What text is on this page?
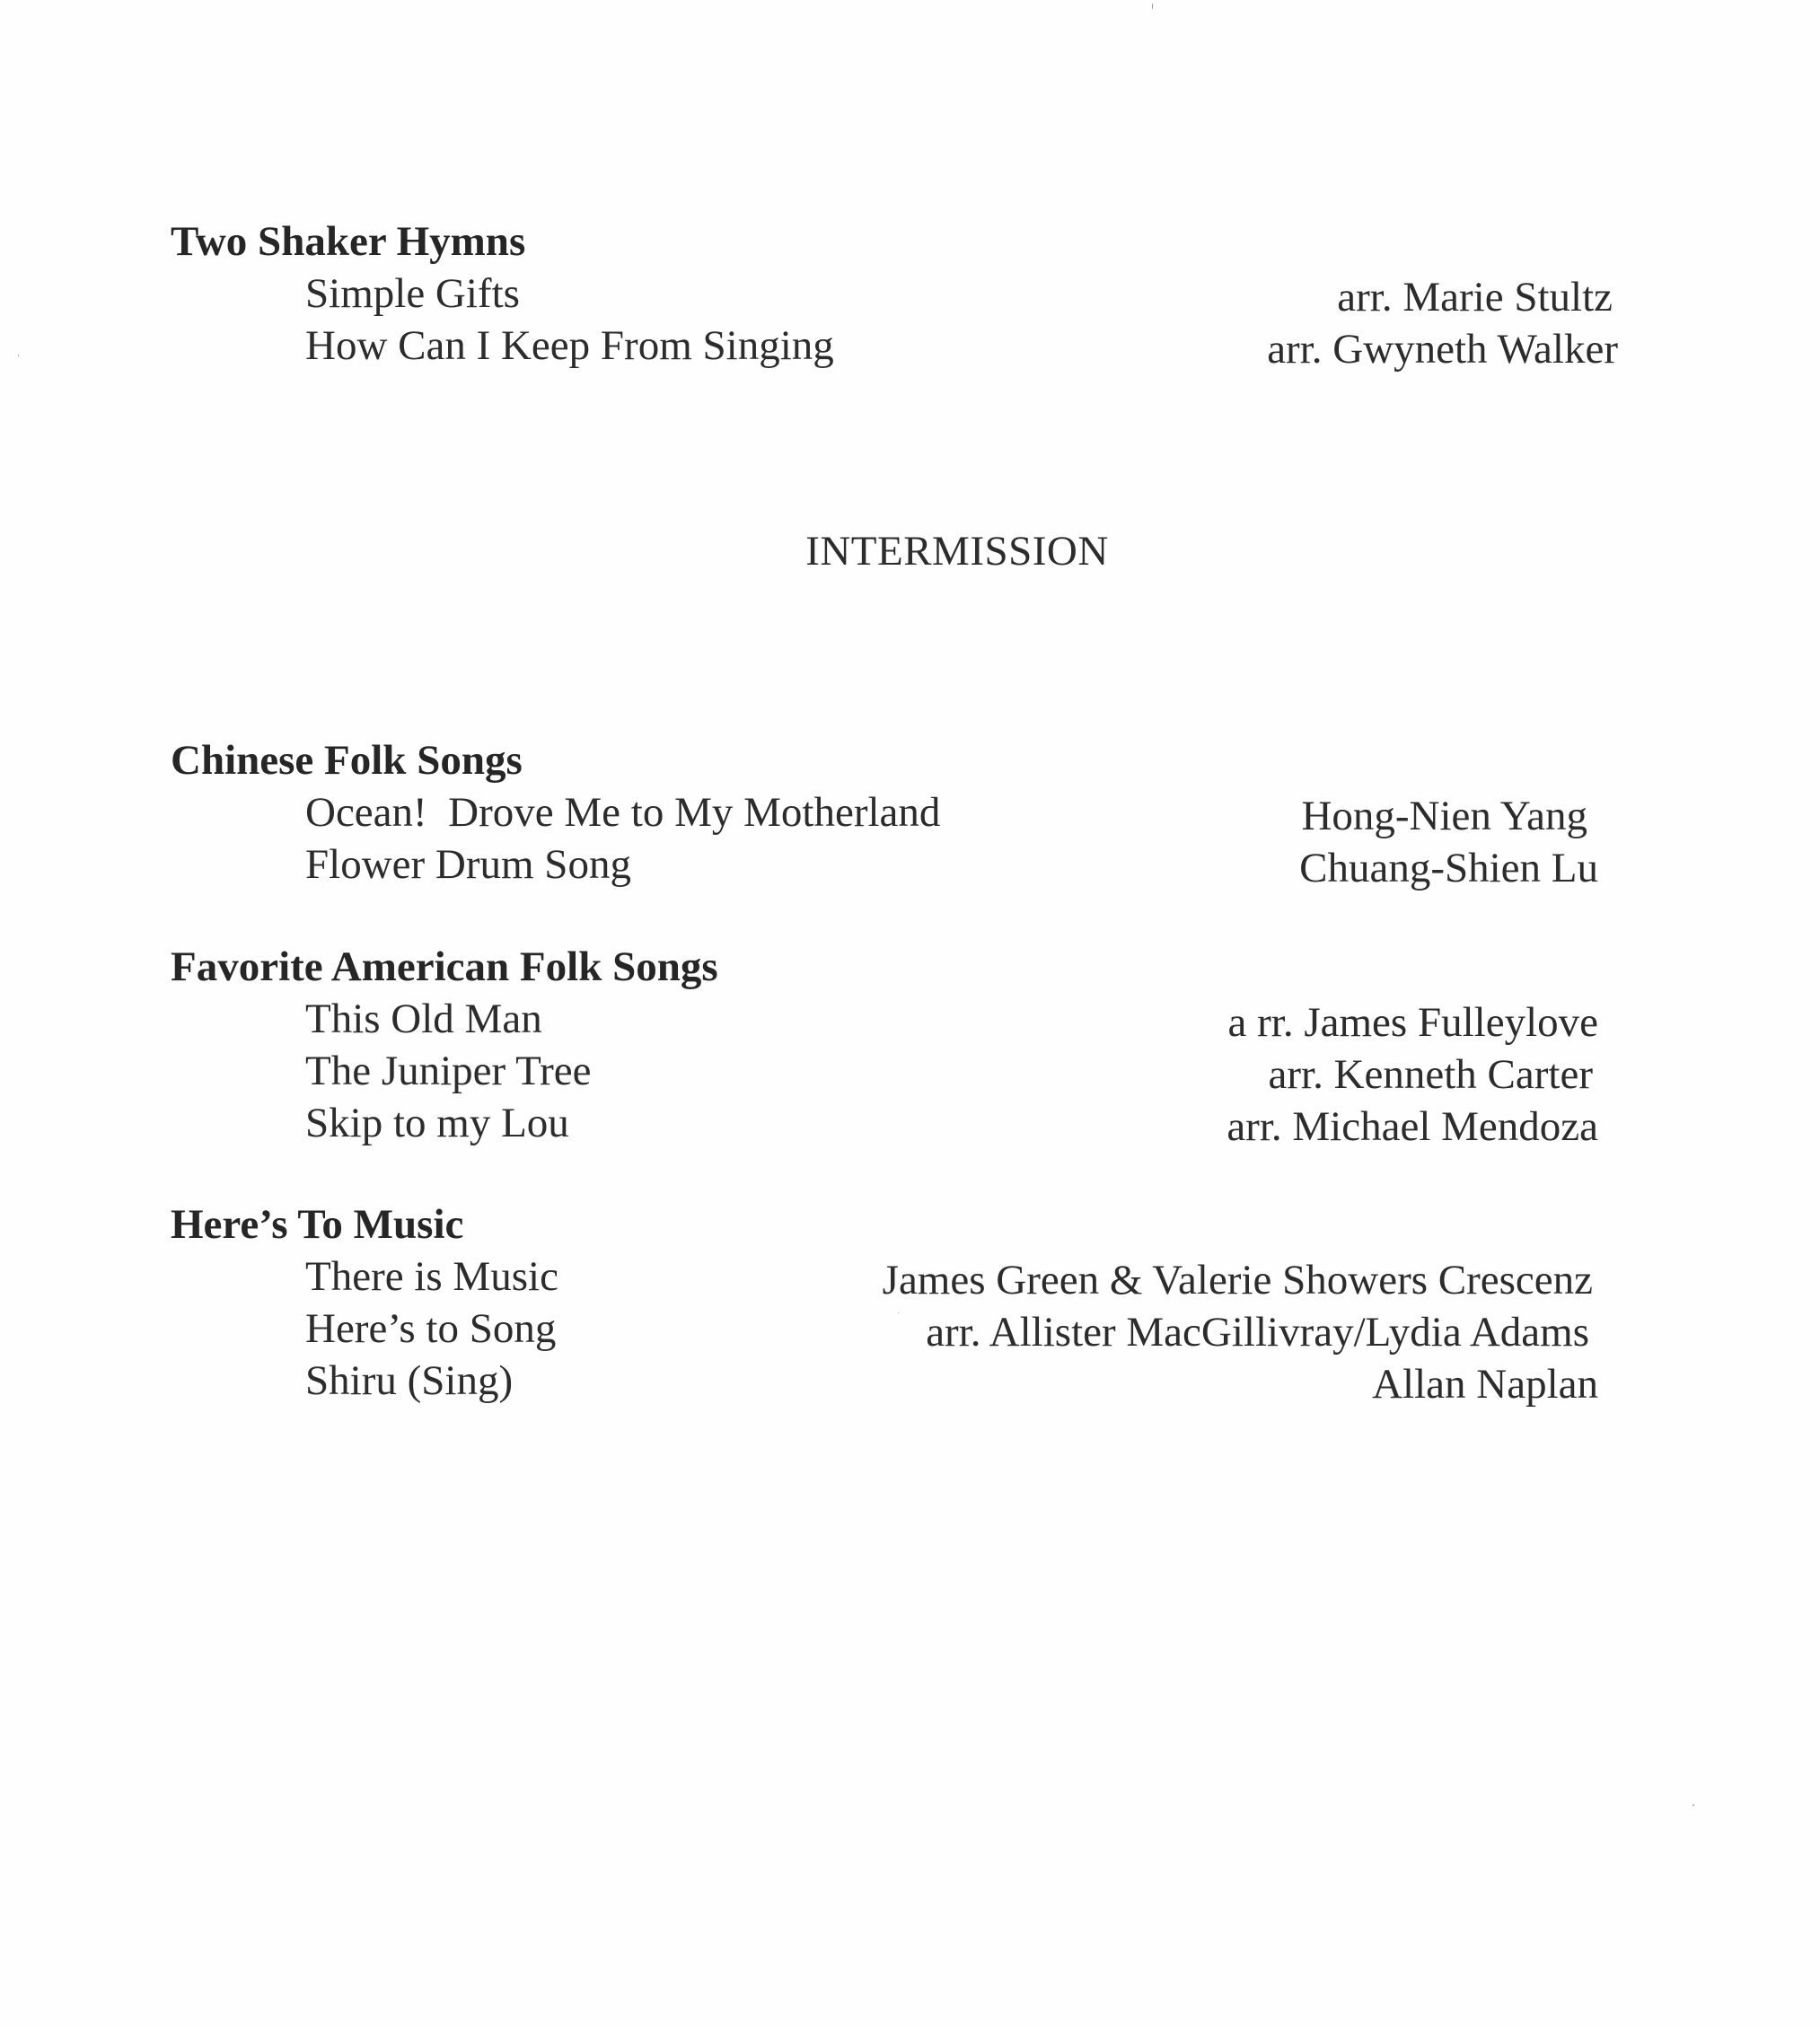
Two Shaker Hymns
Simple Gifts	arr. Marie Stultz
How Can I Keep From Singing	arr. Gwyneth Walker
INTERMISSION
Chinese Folk Songs
Ocean!  Drove Me to My Motherland	Hong-Nien Yang
Flower Drum Song	Chuang-Shien Lu
Favorite American Folk Songs
This Old Man	a rr. James Fulleylove
The Juniper Tree	arr. Kenneth Carter
Skip to my Lou	arr. Michael Mendoza
Here’s To Music
There is Music	James Green & Valerie Showers Crescenz
Here’s to Song	arr. Allister MacGillivray/Lydia Adams
Shiru (Sing)	Allan Naplan
